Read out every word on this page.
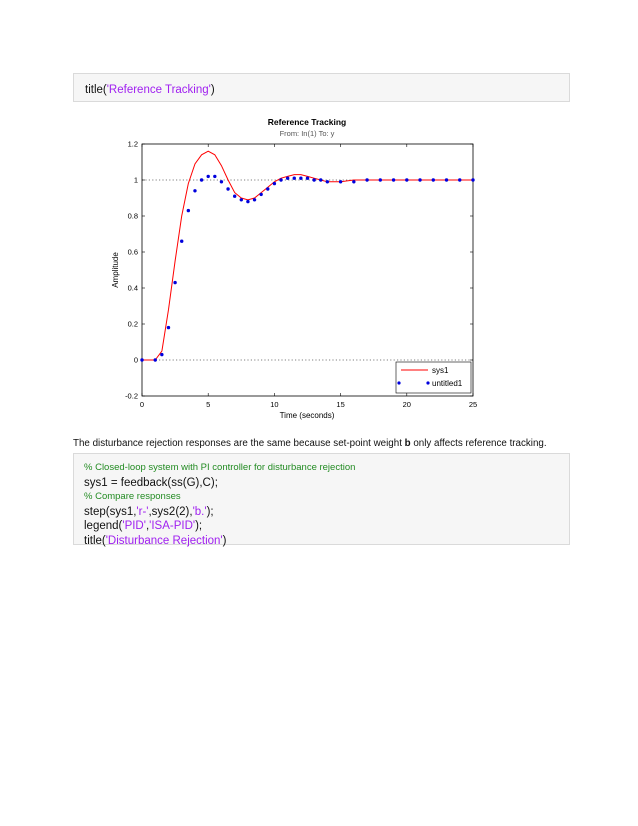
title('Reference Tracking')
0	5	10	15	20	25
-0.2
0
0.2
0.4
0.6
0.8
1
1.2
Reference Tracking
From: In(1) To: y
Time (seconds)
Amplitude
sys1
untitled1
The disturbance rejection responses are the same because set-point weight b only affects reference tracking.
% Closed-loop system with PI controller for disturbance rejection
sys1 = feedback(ss(G),C);
% Compare responses
step(sys1,'r-',sys2(2),'b.');
legend('PID','ISA-PID');
title('Disturbance Rejection')
